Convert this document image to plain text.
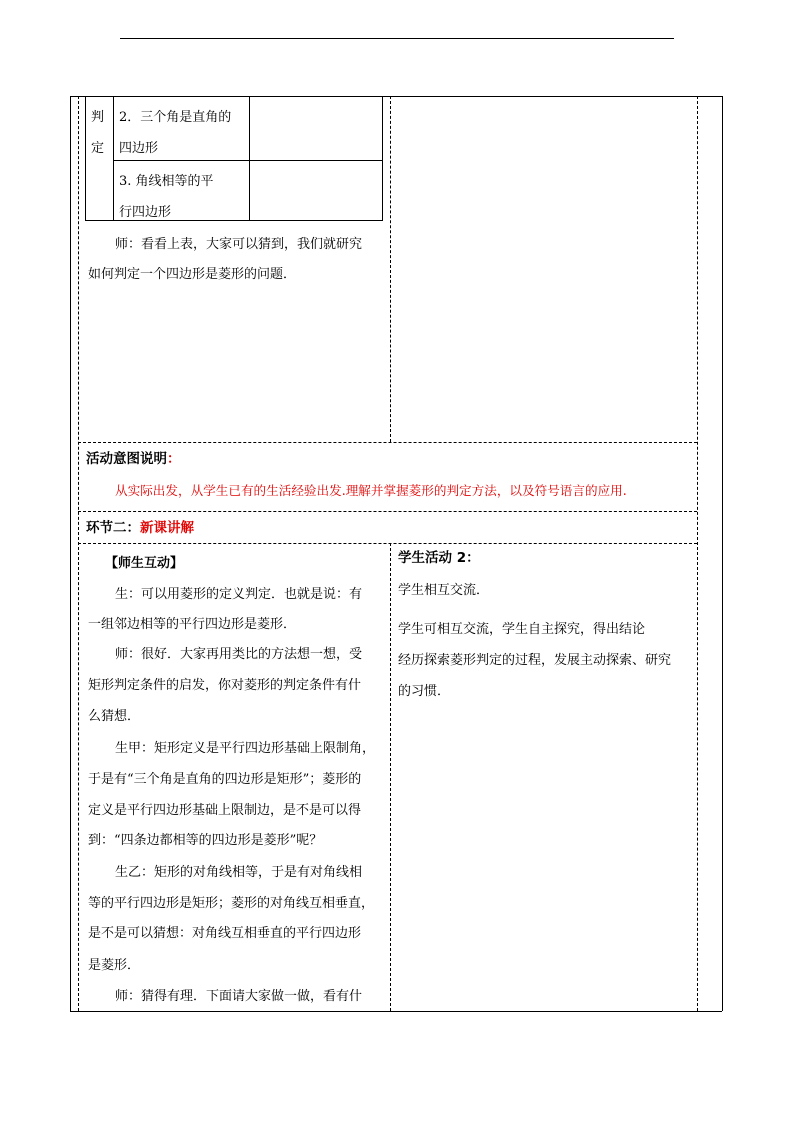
判
定
2．三个角是直角的
四边形
3. 角线相等的平
行四边形
师：看看上表，大家可以猜到，我们就研究
如何判定一个四边形是菱形的问题．
活动意图说明：
从实际出发，从学生已有的生活经验出发.理解并掌握菱形的判定方法，以及符号语言的应用.
环节二：新课讲解
【师生互动】
生：可以用菱形的定义判定．也就是说：有
一组邻边相等的平行四边形是菱形．
师：很好．大家再用类比的方法想一想，受
矩形判定条件的启发，你对菱形的判定条件有什
么猜想．
生甲：矩形定义是平行四边形基础上限制角，
于是有“三个角是直角的四边形是矩形”；菱形的
定义是平行四边形基础上限制边，是不是可以得
到：“四条边都相等的四边形是菱形”呢？
生乙：矩形的对角线相等，于是有对角线相
等的平行四边形是矩形；菱形的对角线互相垂直，
是不是可以猜想：对角线互相垂直的平行四边形
是菱形．
师：猜得有理．下面请大家做一做，看有什
学生活动 2：
学生相互交流．
学生可相互交流，学生自主探究，得出结论
经历探索菱形判定的过程，发展主动探索、研究
的习惯．
